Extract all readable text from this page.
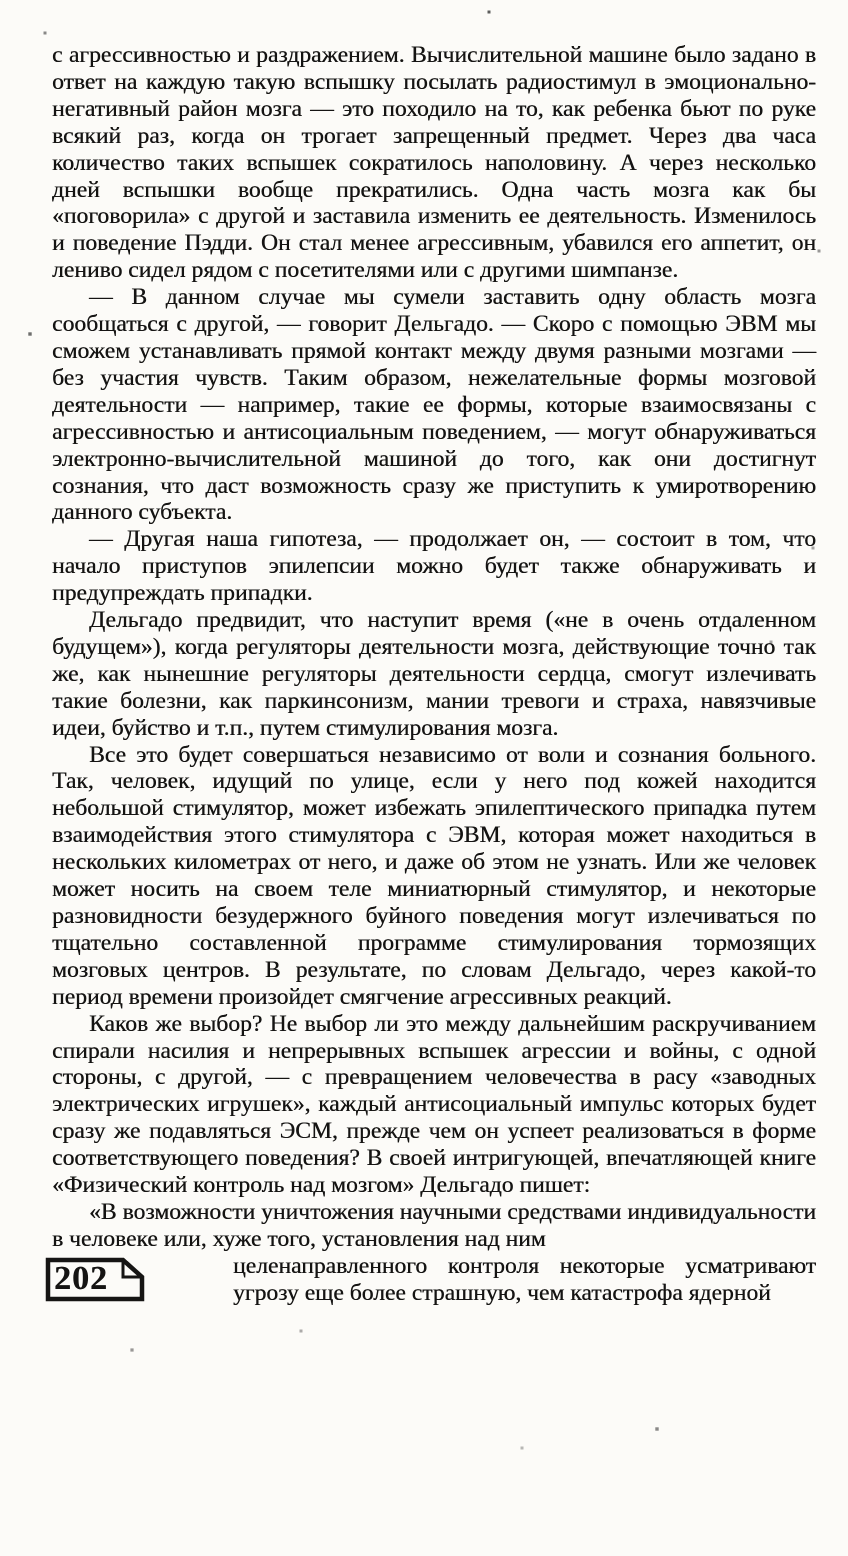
с агрессивностью и раздражением. Вычислительной машине было задано в ответ на каждую такую вспышку посылать радиостимул в эмоционально-негативный район мозга — это походило на то, как ребенка бьют по руке всякий раз, когда он трогает запрещенный предмет. Через два часа количество таких вспышек сократилось наполовину. А через несколько дней вспышки вообще прекратились. Одна часть мозга как бы «поговорила» с другой и заставила изменить ее деятельность. Изменилось и поведение Пэдди. Он стал менее агрессивным, убавился его аппетит, он лениво сидел рядом с посетителями или с другими шимпанзе.

— В данном случае мы сумели заставить одну область мозга сообщаться с другой, — говорит Дельгадо. — Скоро с помощью ЭВМ мы сможем устанавливать прямой контакт между двумя разными мозгами — без участия чувств. Таким образом, нежелательные формы мозговой деятельности — например, такие ее формы, которые взаимосвязаны с агрессивностью и антисоциальным поведением, — могут обнаруживаться электронно-вычислительной машиной до того, как они достигнут сознания, что даст возможность сразу же приступить к умиротворению данного субъекта.

— Другая наша гипотеза, — продолжает он, — состоит в том, что начало приступов эпилепсии можно будет также обнаруживать и предупреждать припадки.

Дельгадо предвидит, что наступит время («не в очень отдаленном будущем»), когда регуляторы деятельности мозга, действующие точно так же, как нынешние регуляторы деятельности сердца, смогут излечивать такие болезни, как паркинсонизм, мании тревоги и страха, навязчивые идеи, буйство и т.п., путем стимулирования мозга.

Все это будет совершаться независимо от воли и сознания больного. Так, человек, идущий по улице, если у него под кожей находится небольшой стимулятор, может избежать эпилептического припадка путем взаимодействия этого стимулятора с ЭВМ, которая может находиться в нескольких километрах от него, и даже об этом не узнать. Или же человек может носить на своем теле миниатюрный стимулятор, и некоторые разновидности безудержного буйного поведения могут излечиваться по тщательно составленной программе стимулирования тормозящих мозговых центров. В результате, по словам Дельгадо, через какой-то период времени произойдет смягчение агрессивных реакций.

Каков же выбор? Не выбор ли это между дальнейшим раскручиванием спирали насилия и непрерывных вспышек агрессии и войны, с одной стороны, с другой, — с превращением человечества в расу «заводных электрических игрушек», каждый антисоциальный импульс которых будет сразу же подавляться ЭСМ, прежде чем он успеет реализоваться в форме соответствующего поведения? В своей интригующей, впечатляющей книге «Физический контроль над мозгом» Дельгадо пишет:

«В возможности уничтожения научными средствами индивидуальности в человеке или, хуже того, установления над ним

202	целенаправленного контроля некоторые усматривают угрозу еще более страшную, чем катастрофа ядерной
